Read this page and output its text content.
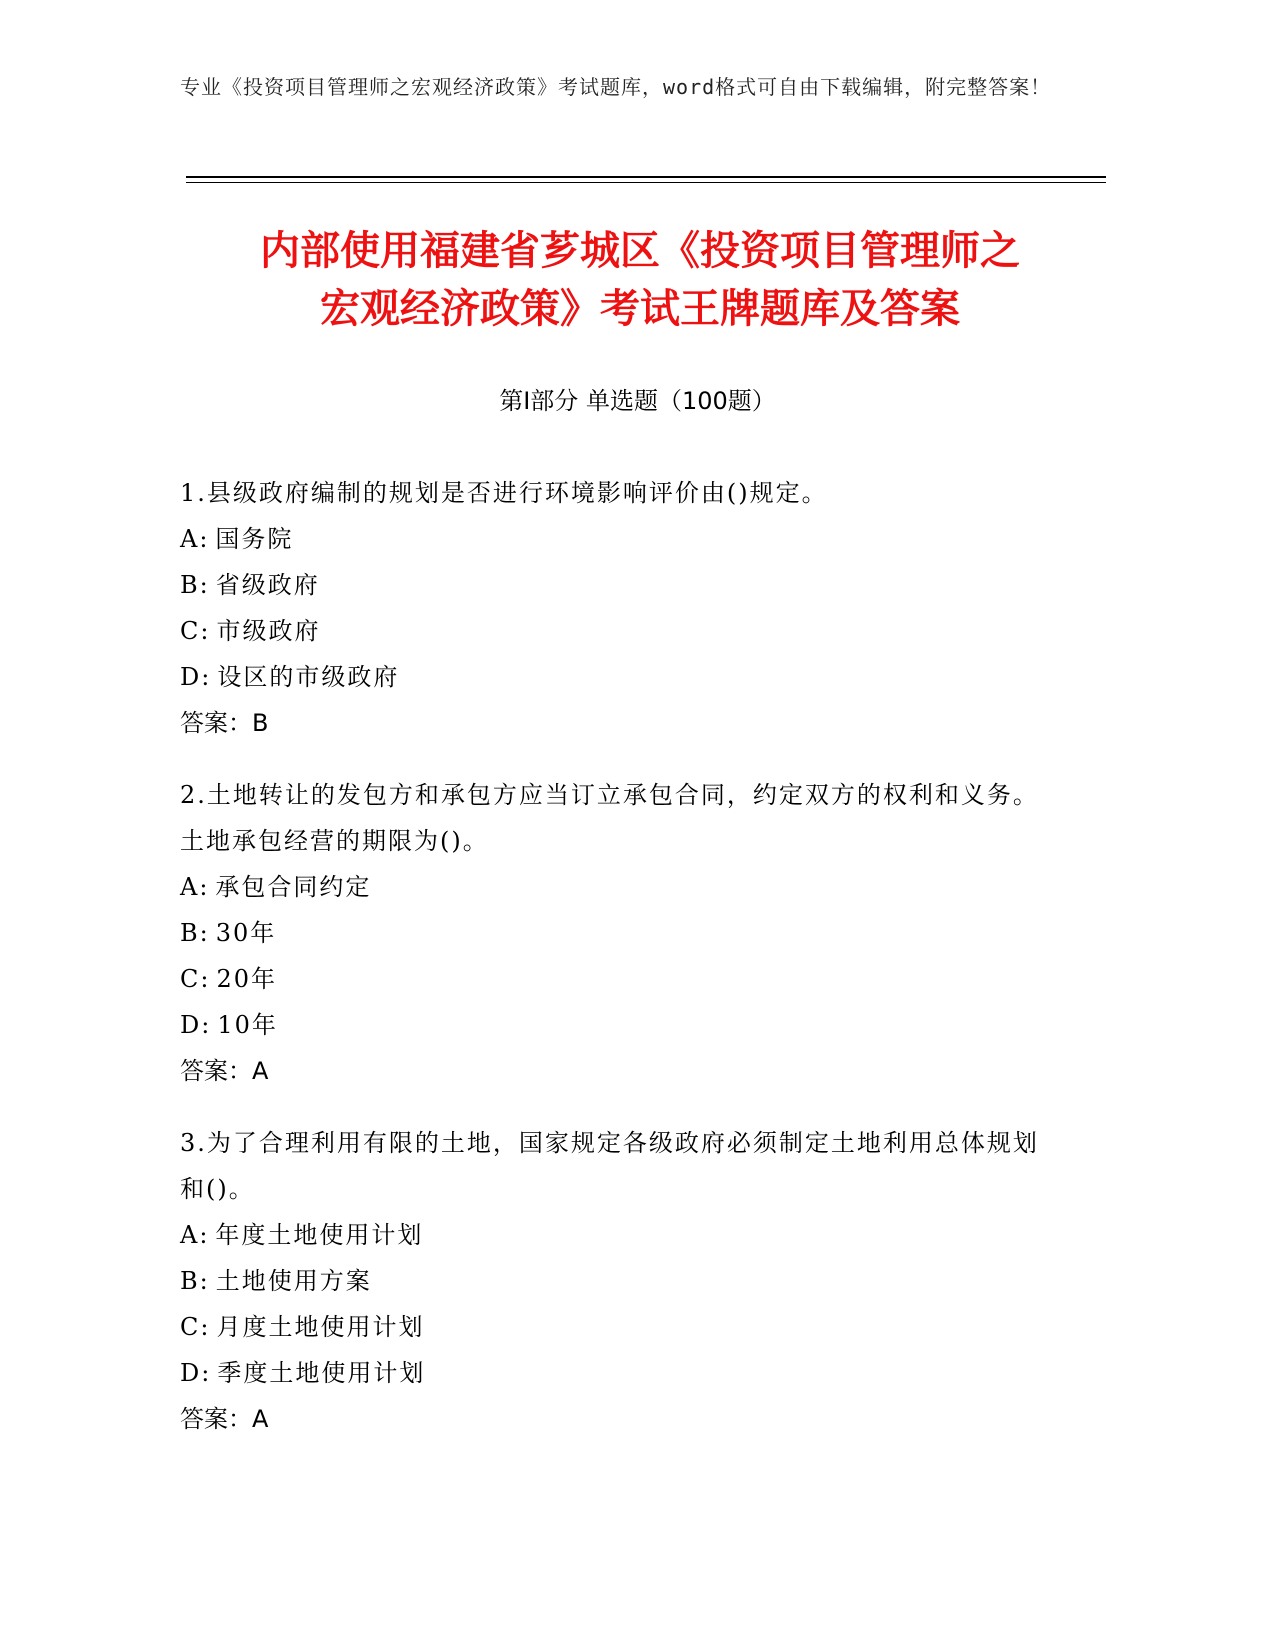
专业《投资项目管理师之宏观经济政策》考试题库，word格式可自由下载编辑，附完整答案！
内部使用福建省芗城区《投资项目管理师之
宏观经济政策》考试王牌题库及答案
第Ⅰ部分 单选题（100题）

1.县级政府编制的规划是否进行环境影响评价由()规定。

A: 国务院

B: 省级政府

C: 市级政府

D: 设区的市级政府

答案：B

2.土地转让的发包方和承包方应当订立承包合同，约定双方的权利和义务。土地承包经营的期限为()。

A: 承包合同约定

B: 30年

C: 20年

D: 10年

答案：A

3.为了合理利用有限的土地，国家规定各级政府必须制定土地利用总体规划和()。

A: 年度土地使用计划

B: 土地使用方案

C: 月度土地使用计划

D: 季度土地使用计划

答案：A
